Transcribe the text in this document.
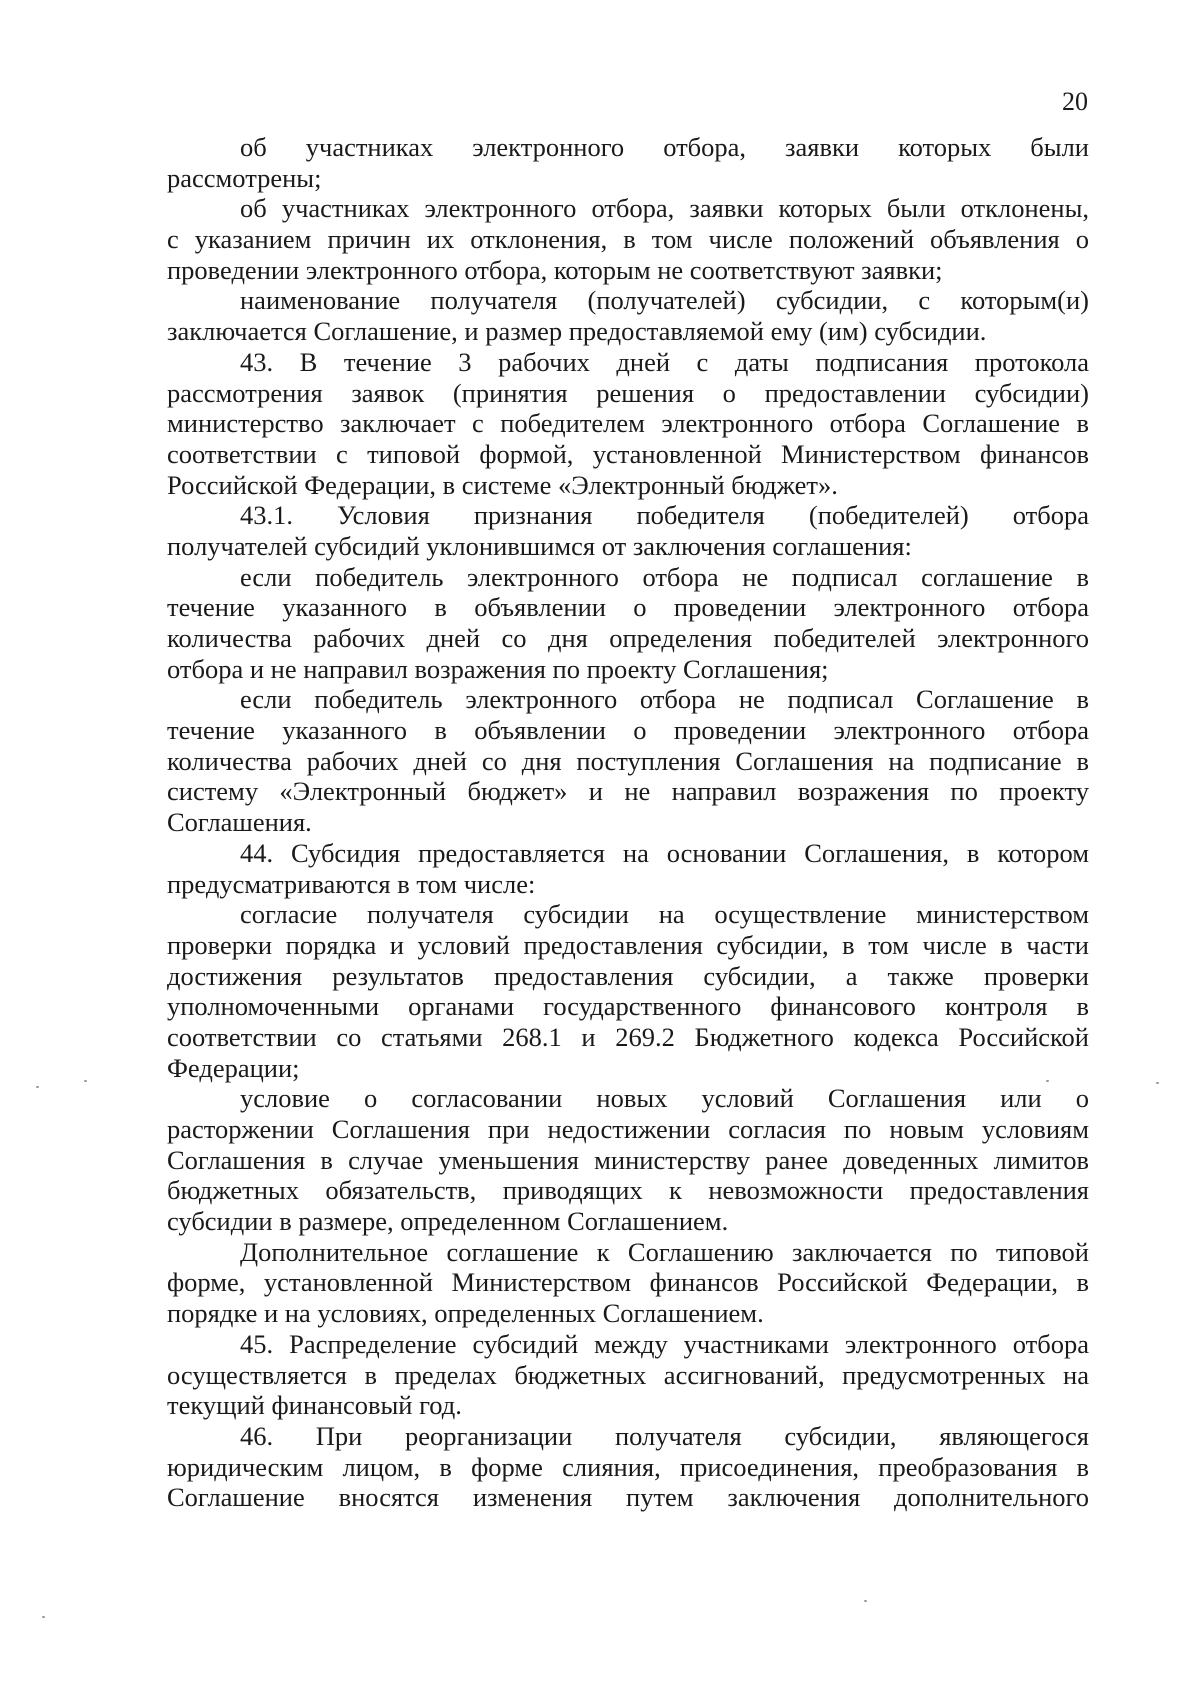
20
об участниках электронного отбора, заявки которых были
рассмотрены;
об участниках электронного отбора, заявки которых были отклонены,
с указанием причин их отклонения, в том числе положений объявления о
проведении электронного отбора, которым не соответствуют заявки;
наименование получателя (получателей) субсидии, с которым(и)
заключается Соглашение, и размер предоставляемой ему (им) субсидии.
43. В течение 3 рабочих дней с даты подписания протокола
рассмотрения заявок (принятия решения о предоставлении субсидии)
министерство заключает с победителем электронного отбора Соглашение в
соответствии с типовой формой, установленной Министерством финансов
Российской Федерации, в системе «Электронный бюджет».
43.1. Условия признания победителя (победителей) отбора
получателей субсидий уклонившимся от заключения соглашения:
если победитель электронного отбора не подписал соглашение в
течение указанного в объявлении о проведении электронного отбора
количества рабочих дней со дня определения победителей электронного
отбора и не направил возражения по проекту Соглашения;
если победитель электронного отбора не подписал Соглашение в
течение указанного в объявлении о проведении электронного отбора
количества рабочих дней со дня поступления Соглашения на подписание в
систему «Электронный бюджет» и не направил возражения по проекту
Соглашения.
44. Субсидия предоставляется на основании Соглашения, в котором
предусматриваются в том числе:
согласие получателя субсидии на осуществление министерством
проверки порядка и условий предоставления субсидии, в том числе в части
достижения результатов предоставления субсидии, а также проверки
уполномоченными органами государственного финансового контроля в
соответствии со статьями 268.1 и 269.2 Бюджетного кодекса Российской
Федерации;
условие о согласовании новых условий Соглашения или о
расторжении Соглашения при недостижении согласия по новым условиям
Соглашения в случае уменьшения министерству ранее доведенных лимитов
бюджетных обязательств, приводящих к невозможности предоставления
субсидии в размере, определенном Соглашением.
Дополнительное соглашение к Соглашению заключается по типовой
форме, установленной Министерством финансов Российской Федерации, в
порядке и на условиях, определенных Соглашением.
45. Распределение субсидий между участниками электронного отбора
осуществляется в пределах бюджетных ассигнований, предусмотренных на
текущий финансовый год.
46. При реорганизации получателя субсидии, являющегося
юридическим лицом, в форме слияния, присоединения, преобразования в
Соглашение вносятся изменения путем заключения дополнительного
